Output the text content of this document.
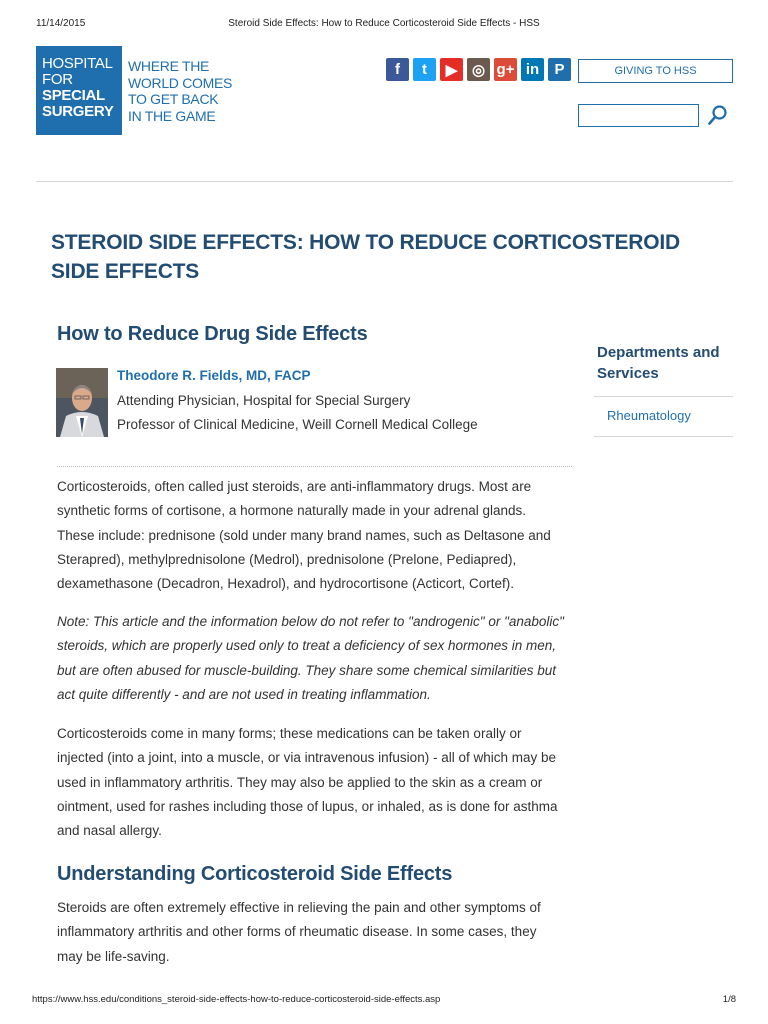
11/14/2015	Steroid Side Effects: How to Reduce Corticosteroid Side Effects - HSS
HOSPITAL
FOR
SPECIAL
SURGERY
WHERE THE
WORLD COMES
TO GET BACK
IN THE GAME
f	t	▶ ◎ g+ in	P	GIVING TO HSS
STEROID SIDE EFFECTS: HOW TO REDUCE CORTICOSTEROID
SIDE EFFECTS
How to Reduce Drug Side Effects
Theodore R. Fields, MD, FACP
Attending Physician, Hospital for Special Surgery
Professor of Clinical Medicine, Weill Cornell Medical College
Corticosteroids, often called just steroids, are anti-inflammatory drugs. Most are
synthetic forms of cortisone, a hormone naturally made in your adrenal glands.
These include: prednisone (sold under many brand names, such as Deltasone and
Sterapred), methylprednisolone (Medrol), prednisolone (Prelone, Pediapred),
dexamethasone (Decadron, Hexadrol), and hydrocortisone (Acticort, Cortef).
Note: This article and the information below do not refer to "androgenic" or "anabolic"
steroids, which are properly used only to treat a deficiency of sex hormones in men,
but are often abused for muscle-building. They share some chemical similarities but
act quite differently - and are not used in treating inflammation.
Corticosteroids come in many forms; these medications can be taken orally or
injected (into a joint, into a muscle, or via intravenous infusion) - all of which may be
used in inflammatory arthritis. They may also be applied to the skin as a cream or
ointment, used for rashes including those of lupus, or inhaled, as is done for asthma
and nasal allergy.
Understanding Corticosteroid Side Effects
Steroids are often extremely effective in relieving the pain and other symptoms of
inflammatory arthritis and other forms of rheumatic disease. In some cases, they
may be life-saving.
Departments and
Services
Rheumatology
https://www.hss.edu/conditions_steroid-side-effects-how-to-reduce-corticosteroid-side-effects.asp	1/8
